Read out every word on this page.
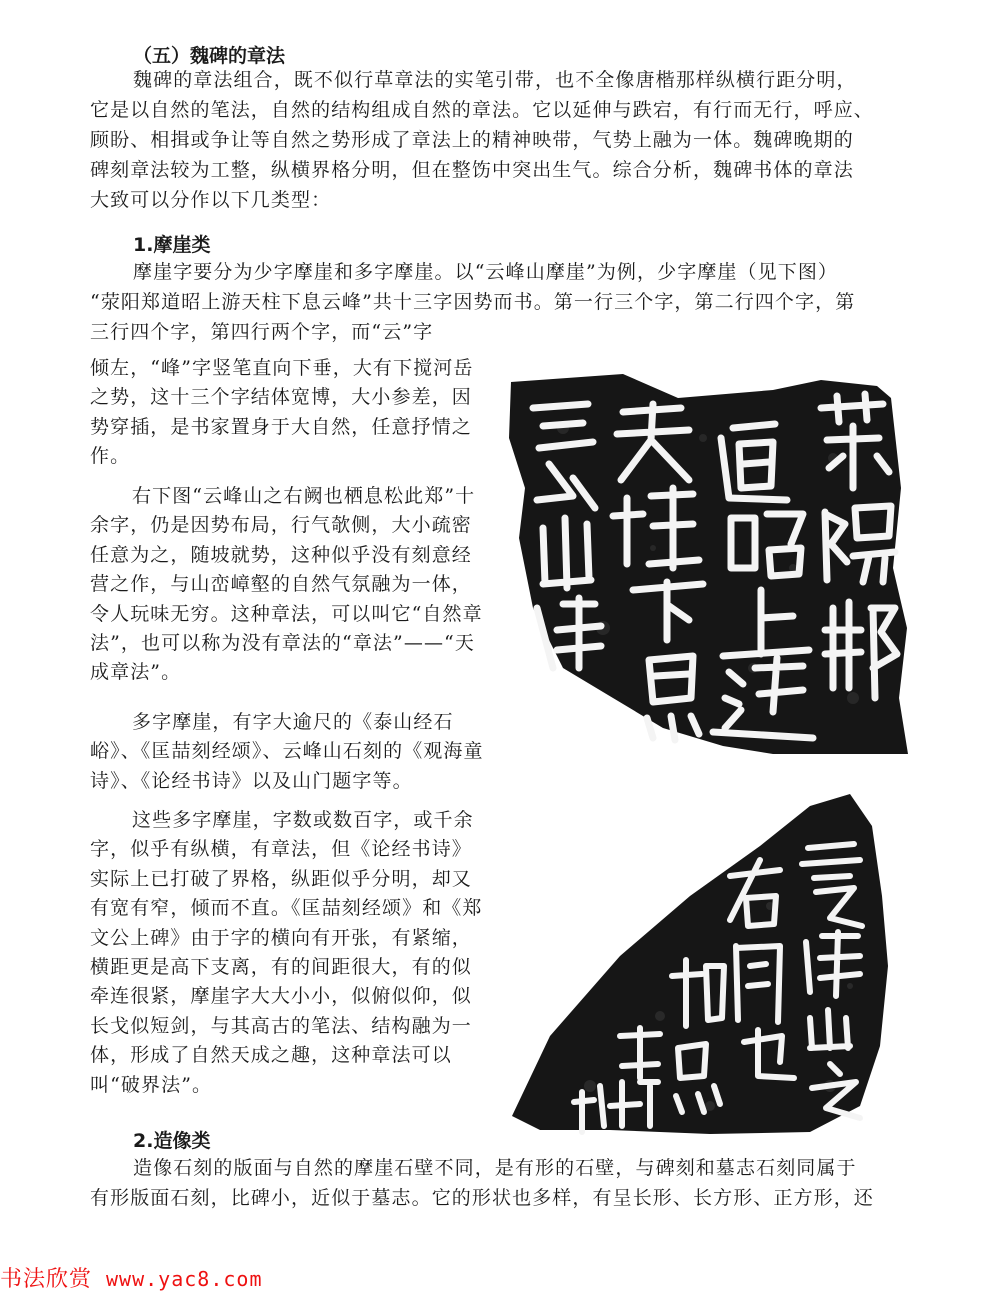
（五）魏碑的章法
魏碑的章法组合，既不似行草章法的实笔引带，也不全像唐楷那样纵横行距分明，
它是以自然的笔法，自然的结构组成自然的章法。它以延伸与跌宕，有行而无行，呼应、
顾盼、相揖或争让等自然之势形成了章法上的精神映带，气势上融为一体。魏碑晚期的
碑刻章法较为工整，纵横界格分明，但在整饬中突出生气。综合分析，魏碑书体的章法
大致可以分作以下几类型：
1.摩崖类
摩崖字要分为少字摩崖和多字摩崖。以“云峰山摩崖”为例，少字摩崖（见下图）
“荥阳郑道昭上游天柱下息云峰”共十三字因势而书。第一行三个字，第二行四个字，第
三行四个字，第四行两个字，而“云”字
倾左，“峰”字竖笔直向下垂，大有下搅河岳之势，这十三个字结体宽博，大小参差，因势穿插，是书家置身于大自然，任意抒情之作。
右下图“云峰山之右阙也栖息松此郑”十余字，仍是因势布局，行气欹侧，大小疏密任意为之，随坡就势，这种似乎没有刻意经营之作，与山峦嶂壑的自然气氛融为一体，令人玩味无穷。这种章法，可以叫它“自然章法”，也可以称为没有章法的“章法”——“天成章法”。
多字摩崖，有字大逾尺的《泰山经石峪》、《匡喆刻经颂》、云峰山石刻的《观海童诗》、《论经书诗》以及山门题字等。
这些多字摩崖，字数或数百字，或千余字，似乎有纵横，有章法，但《论经书诗》实际上已打破了界格，纵距似乎分明，却又有宽有窄，倾而不直。《匡喆刻经颂》和《郑文公上碑》由于字的横向有开张，有紧缩，横距更是高下支离，有的间距很大，有的似牵连很紧，摩崖字大大小小，似俯似仰，似长戈似短剑，与其高古的笔法、结构融为一体，形成了自然天成之趣，这种章法可以叫“破界法”。
2.造像类
造像石刻的版面与自然的摩崖石壁不同，是有形的石壁，与碑刻和墓志石刻同属于
有形版面石刻，比碑小，近似于墓志。它的形状也多样，有呈长形、长方形、正方形，还
书法欣赏 www.yac8.com
